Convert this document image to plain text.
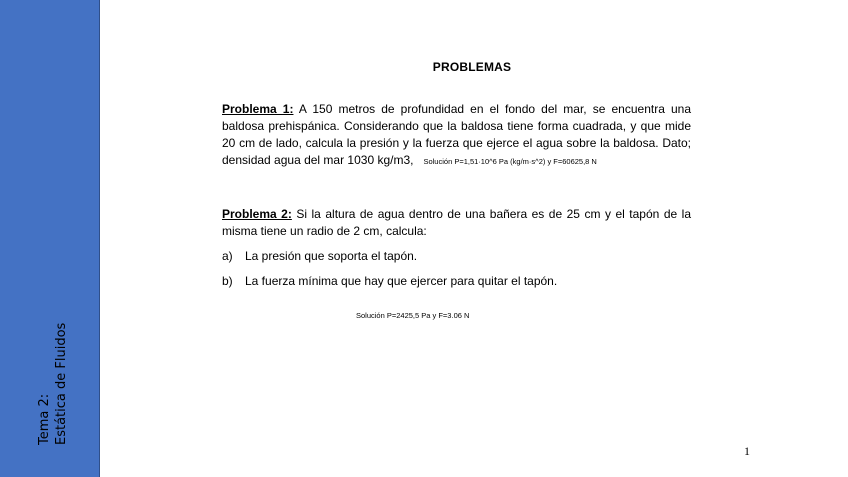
Tema 2: Estática de Fluidos
PROBLEMAS
Problema 1: A 150 metros de profundidad en el fondo del mar, se encuentra una baldosa prehispánica. Considerando que la baldosa tiene forma cuadrada, y que mide 20 cm de lado, calcula la presión y la fuerza que ejerce el agua sobre la baldosa. Dato; densidad agua del mar 1030 kg/m3, Solución P=1,51·10^6 Pa (kg/m·s^2) y F=60625,8 N
Problema 2: Si la altura de agua dentro de una bañera es de 25 cm y el tapón de la misma tiene un radio de 2 cm, calcula:
a) La presión que soporta el tapón.
b) La fuerza mínima que hay que ejercer para quitar el tapón.
Solución P=2425,5 Pa y F=3.06 N
1
